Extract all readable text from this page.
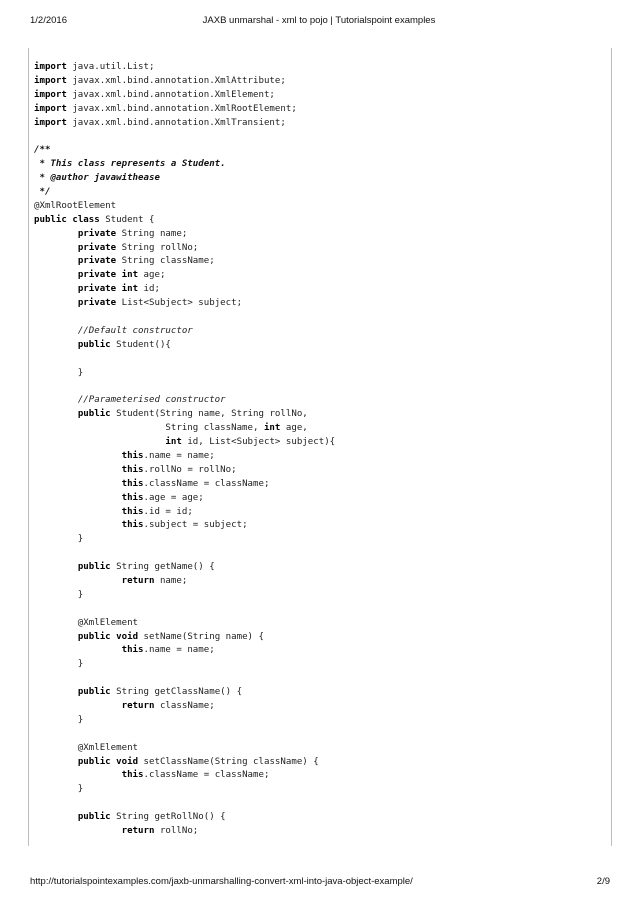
1/2/2016	JAXB unmarshal - xml to pojo | Tutorialspoint examples
import java.util.List;
import javax.xml.bind.annotation.XmlAttribute;
import javax.xml.bind.annotation.XmlElement;
import javax.xml.bind.annotation.XmlRootElement;
import javax.xml.bind.annotation.XmlTransient;

/**
* This class represents a Student.
* @author javawithease
*/
@XmlRootElement
public class Student {
private String name;
private String rollNo;
private String className;
private int age;
private int id;
private List<Subject> subject;

//Default constructor
public Student(){

}

//Parameterised constructor
public Student(String name, String rollNo,
String className, int age,
int id, List<Subject> subject){
this.name = name;
this.rollNo = rollNo;
this.className = className;
this.age = age;
this.id = id;
this.subject = subject;
}

public String getName() {
return name;
}

@XmlElement
public void setName(String name) {
this.name = name;
}

public String getClassName() {
return className;
}

@XmlElement
public void setClassName(String className) {
this.className = className;
}

public String getRollNo() {
return rollNo;
http://tutorialspointexamples.com/jaxb-unmarshalling-convert-xml-into-java-object-example/	2/9
